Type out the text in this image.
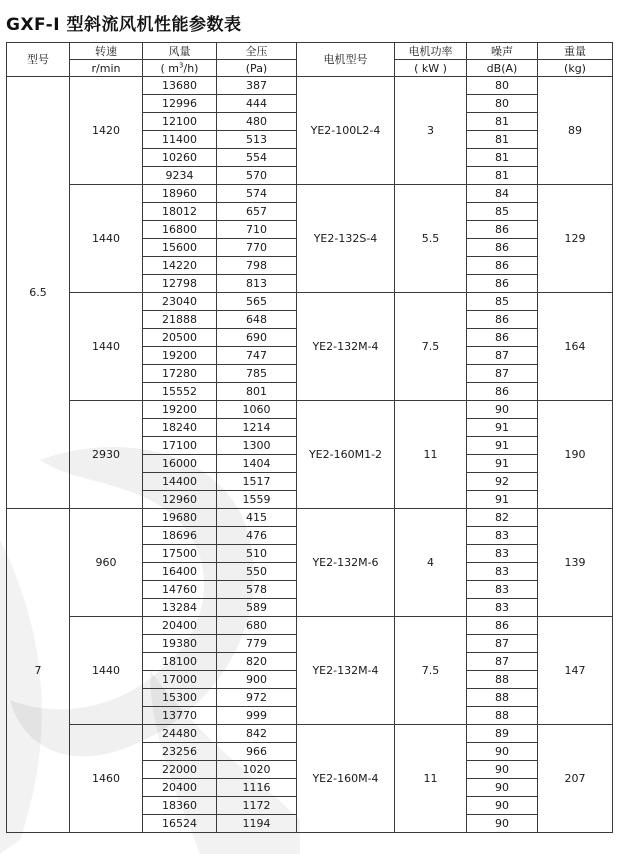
GXF-I 型斜流风机性能参数表
型号	转速	风量	全压	电机型号	电机功率	噪声	重量
	r/min	( $m^3/h$)	(Pa)		( kW )	dB(A)	(kg)
6.5	1420	13680	387	YE2-100L2-4	3	80	89
		12996	444			80	
		12100	480			81	
		11400	513			81	
		10260	554			81	
		9234	570			81	
	1440	18960	574	YE2-132S-4	5.5	84	129
		18012	657			85	
		16800	710			86	
		15600	770			86	
		14220	798			86	
		12798	813			86	
	1440	23040	565	YE2-132M-4	7.5	85	164
		21888	648			86	
		20500	690			86	
		19200	747			87	
		17280	785			87	
		15552	801			86	
	2930	19200	1060	YE2-160M1-2	11	90	190
		18240	1214			91	
		17100	1300			91	
		16000	1404			91	
		14400	1517			92	
		12960	1559			91	
7	960	19680	415	YE2-132M-6	4	82	139
		18696	476			83	
		17500	510			83	
		16400	550			83	
		14760	578			83	
		13284	589			83	
	1440	20400	680	YE2-132M-4	7.5	86	147
		19380	779			87	
		18100	820			87	
		17000	900			88	
		15300	972			88	
		13770	999			88	
	1460	24480	842	YE2-160M-4	11	89	207
		23256	966			90	
		22000	1020			90	
		20400	1116			90	
		18360	1172			90	
		16524	1194			90	
